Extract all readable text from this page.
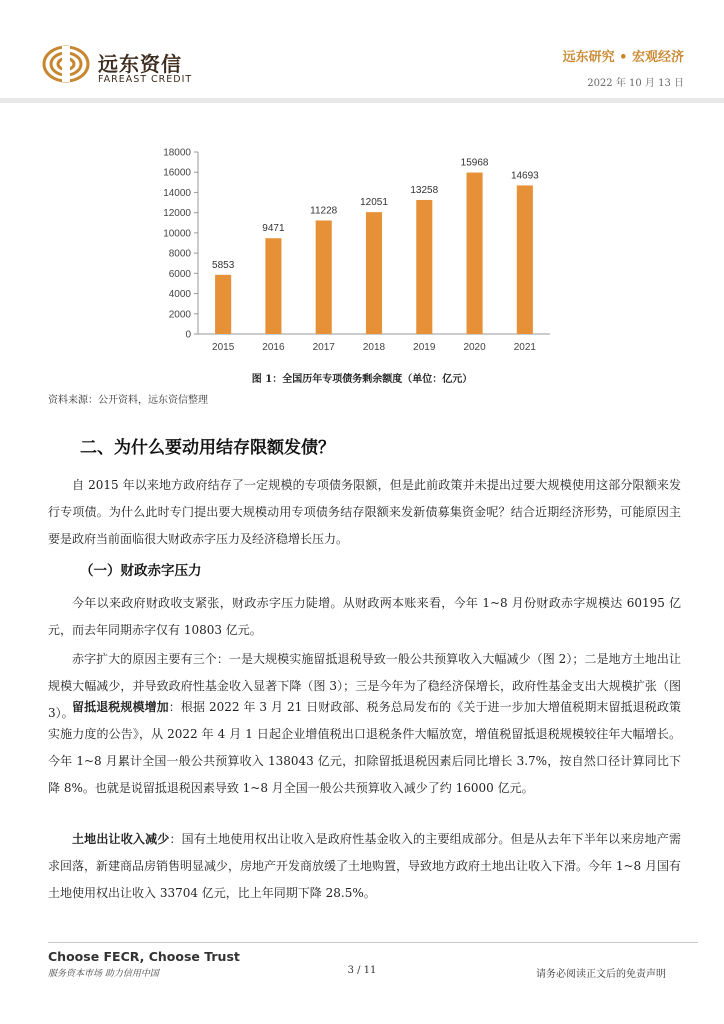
远东资信
FAREAST CREDIT
远东研究 • 宏观经济
2022 年 10 月 13 日
0
2000
4000
6000
8000
10000
12000
14000
16000
18000
2015	2016	2017	2018	2019	2020	2021
5853
9471
11228
12051
13258
15968
14693
图 1：全国历年专项债务剩余额度（单位：亿元）
资料来源：公开资料，远东资信整理
二、为什么要动用结存限额发债？
自 2015 年以来地方政府结存了一定规模的专项债务限额，但是此前政策并未提出过要大规模使用这部分限额来发行专项债。为什么此时专门提出要大规模动用专项债务结存限额来发新债募集资金呢？结合近期经济形势，可能原因主要是政府当前面临很大财政赤字压力及经济稳增长压力。
（一）财政赤字压力
今年以来政府财政收支紧张，财政赤字压力陡增。从财政两本账来看，今年 1~8 月份财政赤字规模达 60195 亿元，而去年同期赤字仅有 10803 亿元。
赤字扩大的原因主要有三个：一是大规模实施留抵退税导致一般公共预算收入大幅减少（图 2）；二是地方土地出让规模大幅减少，并导致政府性基金收入显著下降（图 3）；三是今年为了稳经济保增长，政府性基金支出大规模扩张（图 3）。
留抵退税规模增加：根据 2022 年 3 月 21 日财政部、税务总局发布的《关于进一步加大增值税期末留抵退税政策实施力度的公告》，从 2022 年 4 月 1 日起企业增值税出口退税条件大幅放宽，增值税留抵退税规模较往年大幅增长。今年 1~8 月累计全国一般公共预算收入 138043 亿元，扣除留抵退税因素后同比增长 3.7%，按自然口径计算同比下降 8%。也就是说留抵退税因素导致 1~8 月全国一般公共预算收入减少了约 16000 亿元。
土地出让收入减少：国有土地使用权出让收入是政府性基金收入的主要组成部分。但是从去年下半年以来房地产需求回落，新建商品房销售明显减少，房地产开发商放缓了土地购置，导致地方政府土地出让收入下滑。今年 1~8 月国有土地使用权出让收入 33704 亿元，比上年同期下降 28.5%。
Choose FECR, Choose Trust
服务资本市场 助力信用中国	3 / 11	请务必阅读正文后的免责声明
